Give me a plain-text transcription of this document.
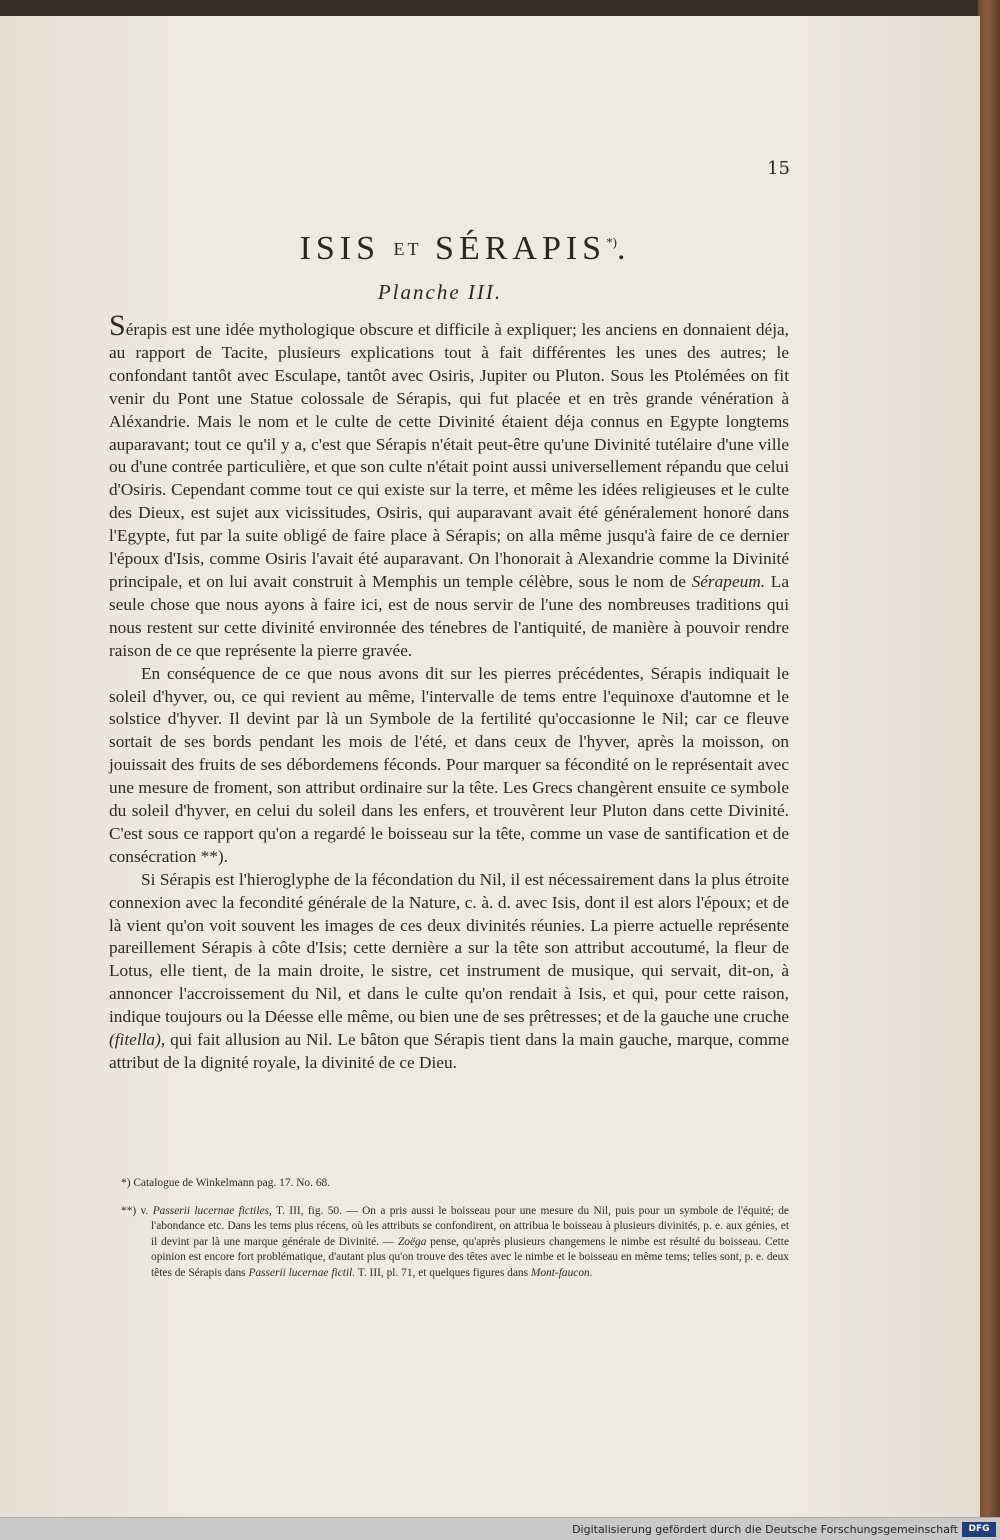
15
ISIS ET SÉRAPIS*).
Planche III.

Sérapis est une idée mythologique obscure et difficile à expliquer; les anciens en donnaient déja, au rapport de Tacite, plusieurs explications tout à fait différentes les unes des autres; le confondant tantôt avec Esculape, tantôt avec Osiris, Jupiter ou Pluton. Sous les Ptolémées on fit venir du Pont une Statue colossale de Sérapis, qui fut placée et en très grande vénération à Aléxandrie. Mais le nom et le culte de cette Divinité étaient déja connus en Egypte longtems auparavant; tout ce qu'il y a, c'est que Sérapis n'était peut-être qu'une Divinité tutélaire d'une ville ou d'une contrée particulière, et que son culte n'était point aussi universellement répandu que celui d'Osiris. Cependant comme tout ce qui existe sur la terre, et même les idées religieuses et le culte des Dieux, est sujet aux vicissitudes, Osiris, qui auparavant avait été généralement honoré dans l'Egypte, fut par la suite obligé de faire place à Sérapis; on alla même jusqu'à faire de ce dernier l'époux d'Isis, comme Osiris l'avait été auparavant. On l'honorait à Alexandrie comme la Divinité principale, et on lui avait construit à Memphis un temple célèbre, sous le nom de Sérapeum. La seule chose que nous ayons à faire ici, est de nous servir de l'une des nombreuses traditions qui nous restent sur cette divinité environnée des ténebres de l'antiquité, de manière à pouvoir rendre raison de ce que représente la pierre gravée.

En conséquence de ce que nous avons dit sur les pierres précédentes, Sérapis indiquait le soleil d'hyver, ou, ce qui revient au même, l'intervalle de tems entre l'equinoxe d'automne et le solstice d'hyver. Il devint par là un Symbole de la fertilité qu'occasionne le Nil; car ce fleuve sortait de ses bords pendant les mois de l'été, et dans ceux de l'hyver, après la moisson, on jouissait des fruits de ses débordemens féconds. Pour marquer sa fécondité on le représentait avec une mesure de froment, son attribut ordinaire sur la tête. Les Grecs changèrent ensuite ce symbole du soleil d'hyver, en celui du soleil dans les enfers, et trouvèrent leur Pluton dans cette Divinité. C'est sous ce rapport qu'on a regardé le boisseau sur la tête, comme un vase de santification et de consécration **).

Si Sérapis est l'hieroglyphe de la fécondation du Nil, il est nécessairement dans la plus étroite connexion avec la fecondité générale de la Nature, c. à. d. avec Isis, dont il est alors l'époux; et de là vient qu'on voit souvent les images de ces deux divinités réunies. La pierre actuelle représente pareillement Sérapis à côte d'Isis; cette dernière a sur la tête son attribut accoutumé, la fleur de Lotus, elle tient, de la main droite, le sistre, cet instrument de musique, qui servait, dit-on, à annoncer l'accroissement du Nil, et dans le culte qu'on rendait à Isis, et qui, pour cette raison, indique toujours ou la Déesse elle même, ou bien une de ses prêtresses; et de la gauche une cruche (fitella), qui fait allusion au Nil. Le bâton que Sérapis tient dans la main gauche, marque, comme attribut de la dignité royale, la divinité de ce Dieu.

*) Catalogue de Winkelmann pag. 17. No. 68.

**) v. Passerii lucernae fictiles, T. III, fig. 50. — On a pris aussi le boisseau pour une mesure du Nil, puis pour un symbole de l'équité; de l'abondance etc. Dans les tems plus récens, où les attributs se confondirent, on attribua le boisseau à plusieurs divinités, p. e. aux génies, et il devint par là une marque générale de Divinité. — Zoëga pense, qu'après plusieurs changemens le nimbe est résulté du boisseau. Cette opinion est encore fort problématique, d'autant plus qu'on trouve des têtes avec le nimbe et le boisseau en même tems; telles sont, p. e. deux têtes de Sérapis dans Passerii lucernae fictil. T. III, pl. 71, et quelques figures dans Mont-faucon.

Digitalisierung gefördert durch die Deutsche Forschungsgemeinschaft	DFG
